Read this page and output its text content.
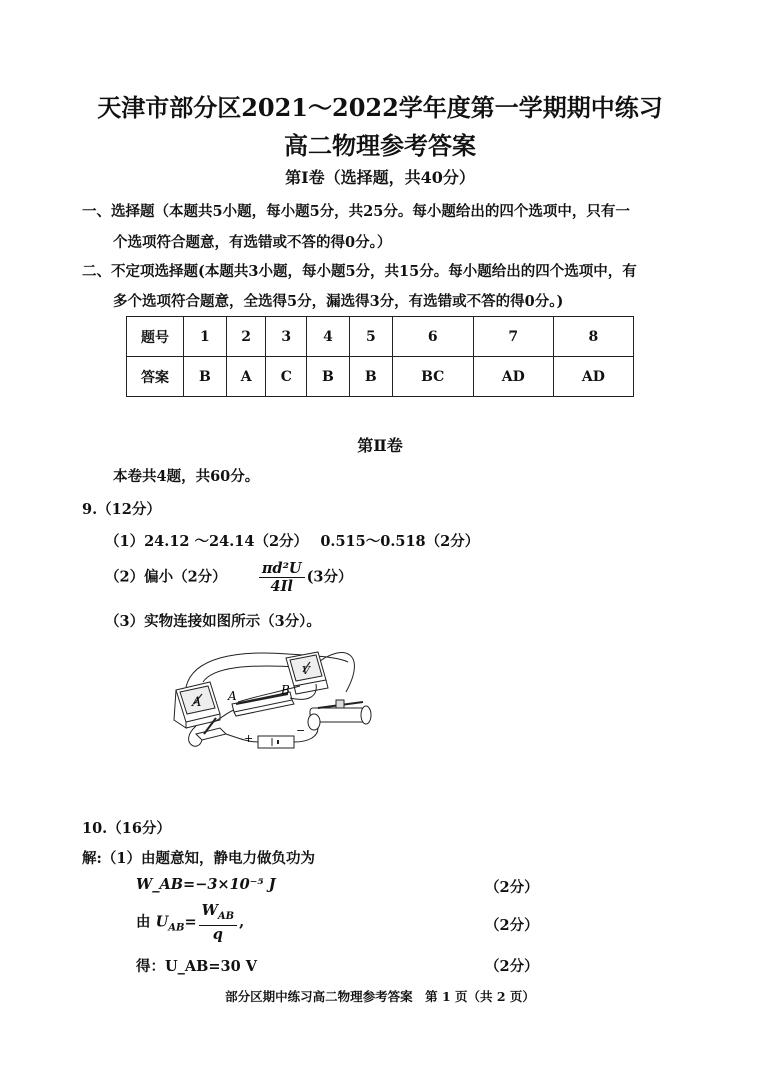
天津市部分区2021～2022学年度第一学期期中练习
高二物理参考答案
第Ⅰ卷（选择题，共40分）
一、选择题（本题共5小题，每小题5分，共25分。每小题给出的四个选项中，只有一
个选项符合题意，有选错或不答的得0分。）
二、不定项选择题(本题共3小题，每小题5分，共15分。每小题给出的四个选项中，有
多个选项符合题意，全选得5分，漏选得3分，有选错或不答的得0分。)
题号	1	2	3	4	5	6	7	8
答案	B	A	C	B	B	BC	AD	AD
第Ⅱ卷
本卷共4题，共60分。
9.（12分）
（1）24.12 ～24.14（2分）　 0.515～0.518（2分）
（2）偏小（2分） $\frac{\text{πd²U}}{4Il} (3$分）
（3）实物连接如图所示（3分）。
A
V
A	B
+
−
10.（16分）
解:（1）由题意知，静电力做负功为
W_AB=−3×10⁻⁵ J	（2分）
由 $U_{AB}= \frac{W_{AB}}{q}$ ,	（2分）
得：U_AB=30 V	（2分）
部分区期中练习高二物理参考答案　第 1 页（共 2 页）
